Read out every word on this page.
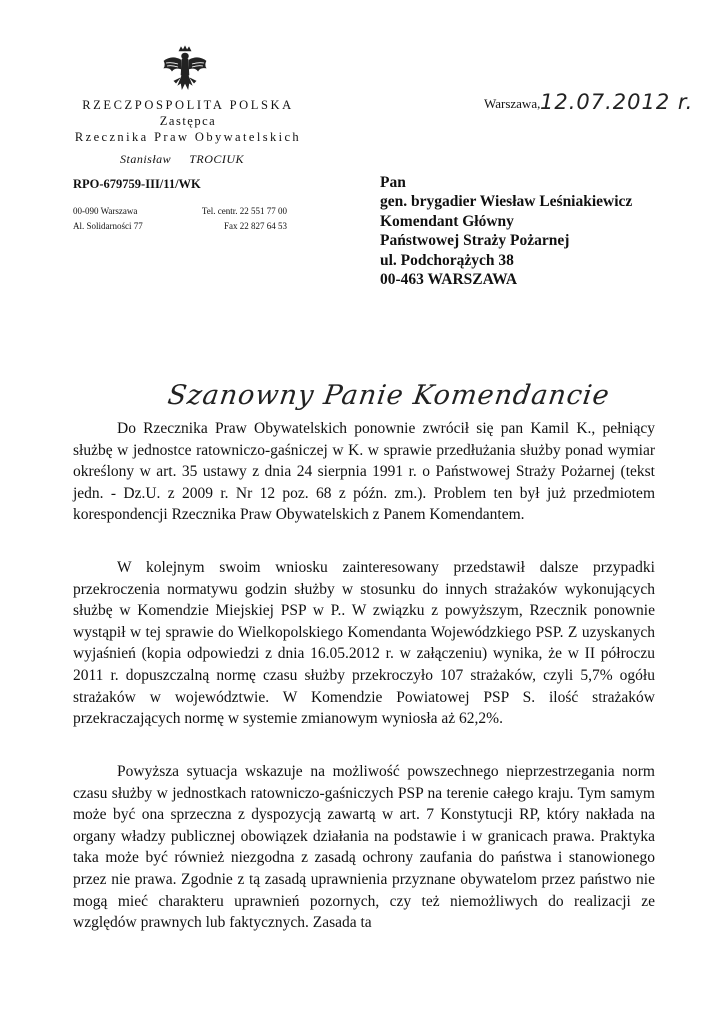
RZECZPOSPOLITA POLSKA
Zastępca
Rzecznika Praw Obywatelskich
Stanisław TROCIUK
RPO-679759-III/11/WK
00-090 Warszawa
Al. Solidarności 77
Tel. centr. 22 551 77 00
Fax 22 827 64 53
Warszawa, 12.07.2012 r.
Pan
gen. brygadier Wiesław Leśniakiewicz
Komendant Główny
Państwowej Straży Pożarnej
ul. Podchorążych 38
00-463 WARSZAWA
Szanowny Panie Komendancie

Do Rzecznika Praw Obywatelskich ponownie zwrócił się pan Kamil K., pełniący służbę w jednostce ratowniczo-gaśniczej w K. w sprawie przedłużania służby ponad wymiar określony w art. 35 ustawy z dnia 24 sierpnia 1991 r. o Państwowej Straży Pożarnej (tekst jedn. - Dz.U. z 2009 r. Nr 12 poz. 68 z późn. zm.). Problem ten był już przedmiotem korespondencji Rzecznika Praw Obywatelskich z Panem Komendantem.

W kolejnym swoim wniosku zainteresowany przedstawił dalsze przypadki przekroczenia normatywu godzin służby w stosunku do innych strażaków wykonujących służbę w Komendzie Miejskiej PSP w P.. W związku z powyższym, Rzecznik ponownie wystąpił w tej sprawie do Wielkopolskiego Komendanta Wojewódzkiego PSP. Z uzyskanych wyjaśnień (kopia odpowiedzi z dnia 16.05.2012 r. w załączeniu) wynika, że w II półroczu 2011 r. dopuszczalną normę czasu służby przekroczyło 107 strażaków, czyli 5,7% ogółu strażaków w województwie. W Komendzie Powiatowej PSP S. ilość strażaków przekraczających normę w systemie zmianowym wyniosła aż 62,2%.

Powyższa sytuacja wskazuje na możliwość powszechnego nieprzestrzegania norm czasu służby w jednostkach ratowniczo-gaśniczych PSP na terenie całego kraju. Tym samym może być ona sprzeczna z dyspozycją zawartą w art. 7 Konstytucji RP, który nakłada na organy władzy publicznej obowiązek działania na podstawie i w granicach prawa. Praktyka taka może być również niezgodna z zasadą ochrony zaufania do państwa i stanowionego przez nie prawa. Zgodnie z tą zasadą uprawnienia przyznane obywatelom przez państwo nie mogą mieć charakteru uprawnień pozornych, czy też niemożliwych do realizacji ze względów prawnych lub faktycznych. Zasada ta
